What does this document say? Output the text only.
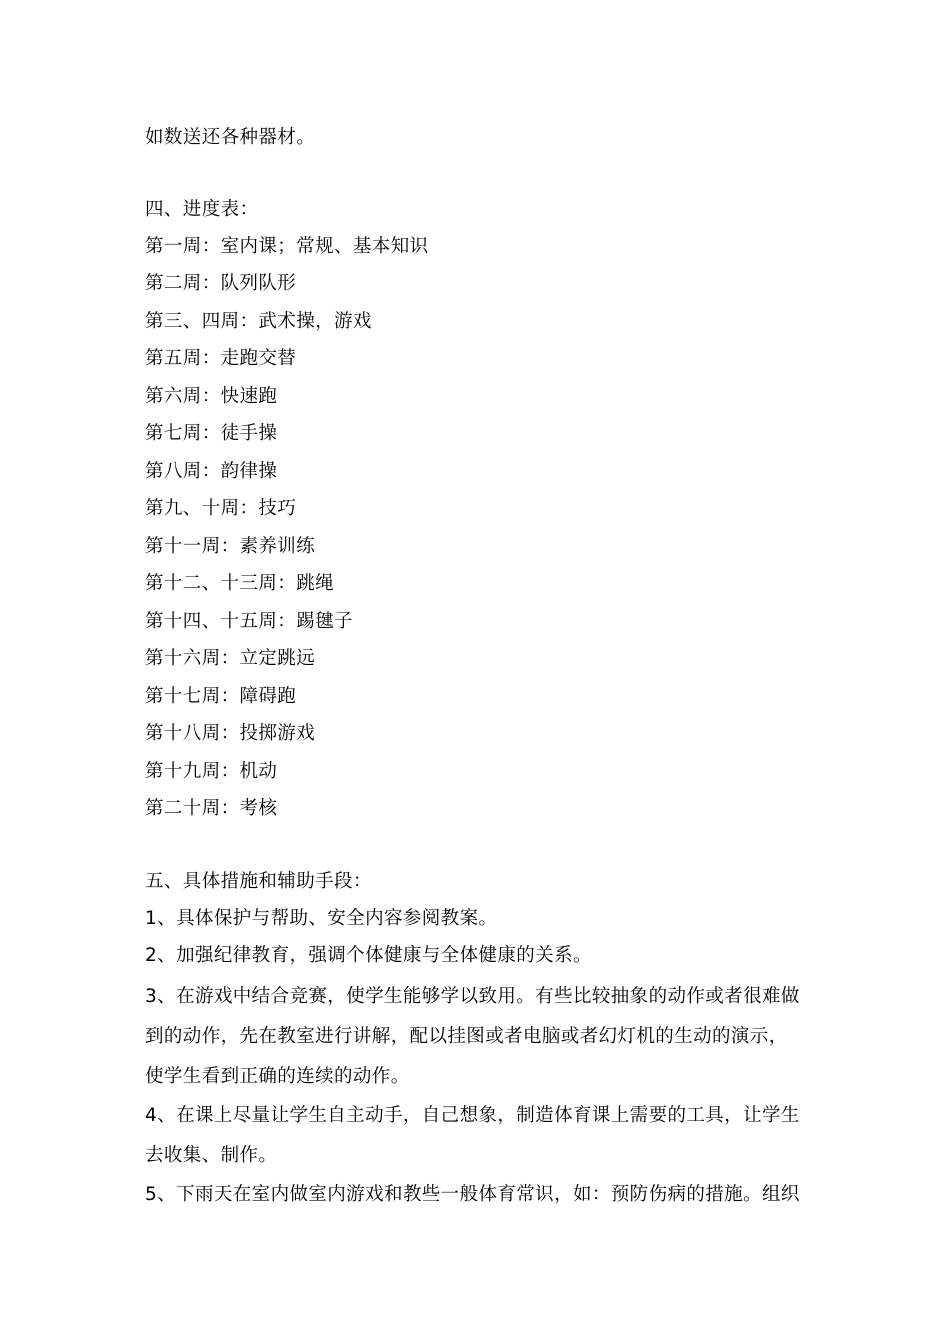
如数送还各种器材。
四、进度表：
第一周：室内课；常规、基本知识
第二周：队列队形
第三、四周：武术操，游戏
第五周：走跑交替
第六周：快速跑
第七周：徒手操
第八周：韵律操
第九、十周：技巧
第十一周：素养训练
第十二、十三周：跳绳
第十四、十五周：踢毽子
第十六周：立定跳远
第十七周：障碍跑
第十八周：投掷游戏
第十九周：机动
第二十周：考核
五、具体措施和辅助手段：
1、具体保护与帮助、安全内容参阅教案。
2、加强纪律教育，强调个体健康与全体健康的关系。
3、在游戏中结合竞赛，使学生能够学以致用。有些比较抽象的动作或者很难做
到的动作，先在教室进行讲解，配以挂图或者电脑或者幻灯机的生动的演示，
使学生看到正确的连续的动作。
4、在课上尽量让学生自主动手，自己想象，制造体育课上需要的工具，让学生
去收集、制作。
5、下雨天在室内做室内游戏和教些一般体育常识，如：预防伤病的措施。组织
